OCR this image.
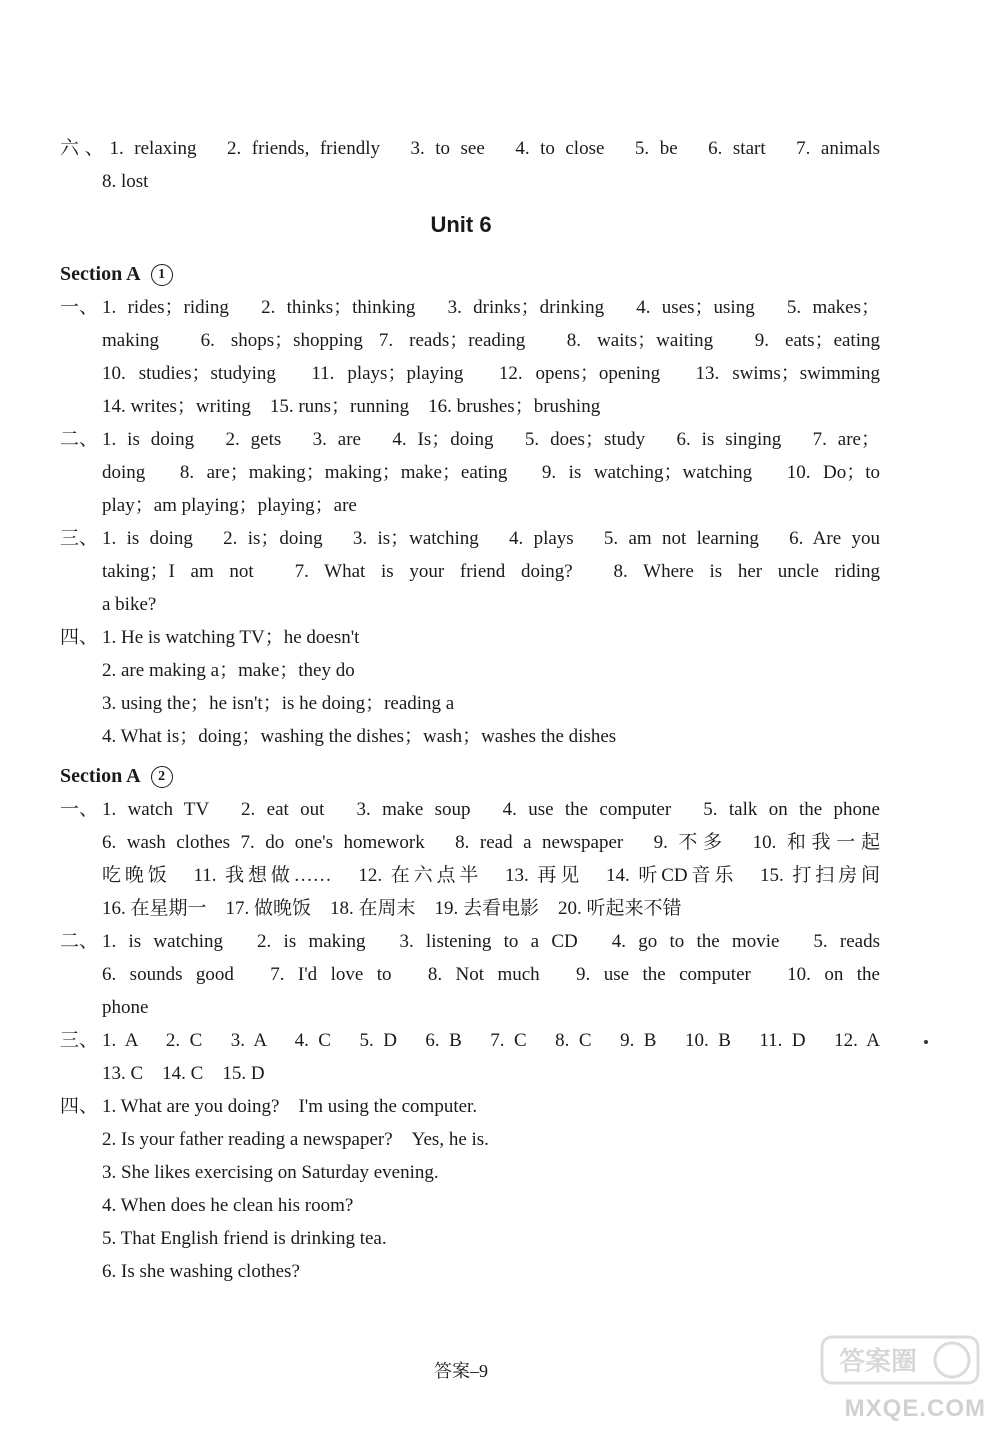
六、1. relaxing　2. friends, friendly　3. to see　4. to close　5. be　6. start　7. animals
8. lost
Unit 6
Section A 1
一、 1. rides；riding　2. thinks；thinking　3. drinks；drinking　4. uses；using　5. makes；
making　6. shops；shopping 7. reads；reading　8. waits；waiting　9. eats；eating
10. studies；studying　11. plays；playing　12. opens；opening　13. swims；swimming
14. writes；writing　15. runs；running　16. brushes；brushing
二、 1. is doing　2. gets　3. are　4. Is；doing　5. does；study　6. is singing　7. are；
doing　8. are；making；making；make；eating　9. is watching；watching　10. Do；to
play；am playing；playing；are
三、 1. is doing　2. is；doing　3. is；watching　4. plays　5. am not learning　6. Are you
taking；I am not　7. What is your friend doing?　8. Where is her uncle riding
a bike?
四、 1. He is watching TV；he doesn't
2. are making a；make；they do
3. using the；he isn't；is he doing；reading a
4. What is；doing；washing the dishes；wash；washes the dishes
Section A 2
一、 1. watch TV　2. eat out　3. make soup　4. use the computer　5. talk on the phone
6. wash clothes 7. do one's homework　8. read a newspaper　9. 不多　10. 和我一起
吃晚饭　11. 我想做……　12. 在六点半　13. 再见　14. 听CD音乐　15. 打扫房间
16. 在星期一　17. 做晚饭　18. 在周末　19. 去看电影　20. 听起来不错
二、 1. is watching　2. is making　3. listening to a CD　4. go to the movie　5. reads
6. sounds good　7. I'd love to　8. Not much　9. use the computer　10. on the
phone
三、 1. A　2. C　3. A　4. C　5. D　6. B　7. C　8. C　9. B　10. B　11. D　12. A
13. C　14. C　15. D
四、 1. What are you doing?　I'm using the computer.
2. Is your father reading a newspaper?　Yes, he is.
3. She likes exercising on Saturday evening.
4. When does he clean his room?
5. That English friend is drinking tea.
6. Is she washing clothes?
答案–9	答案圈
MXQE.COM
